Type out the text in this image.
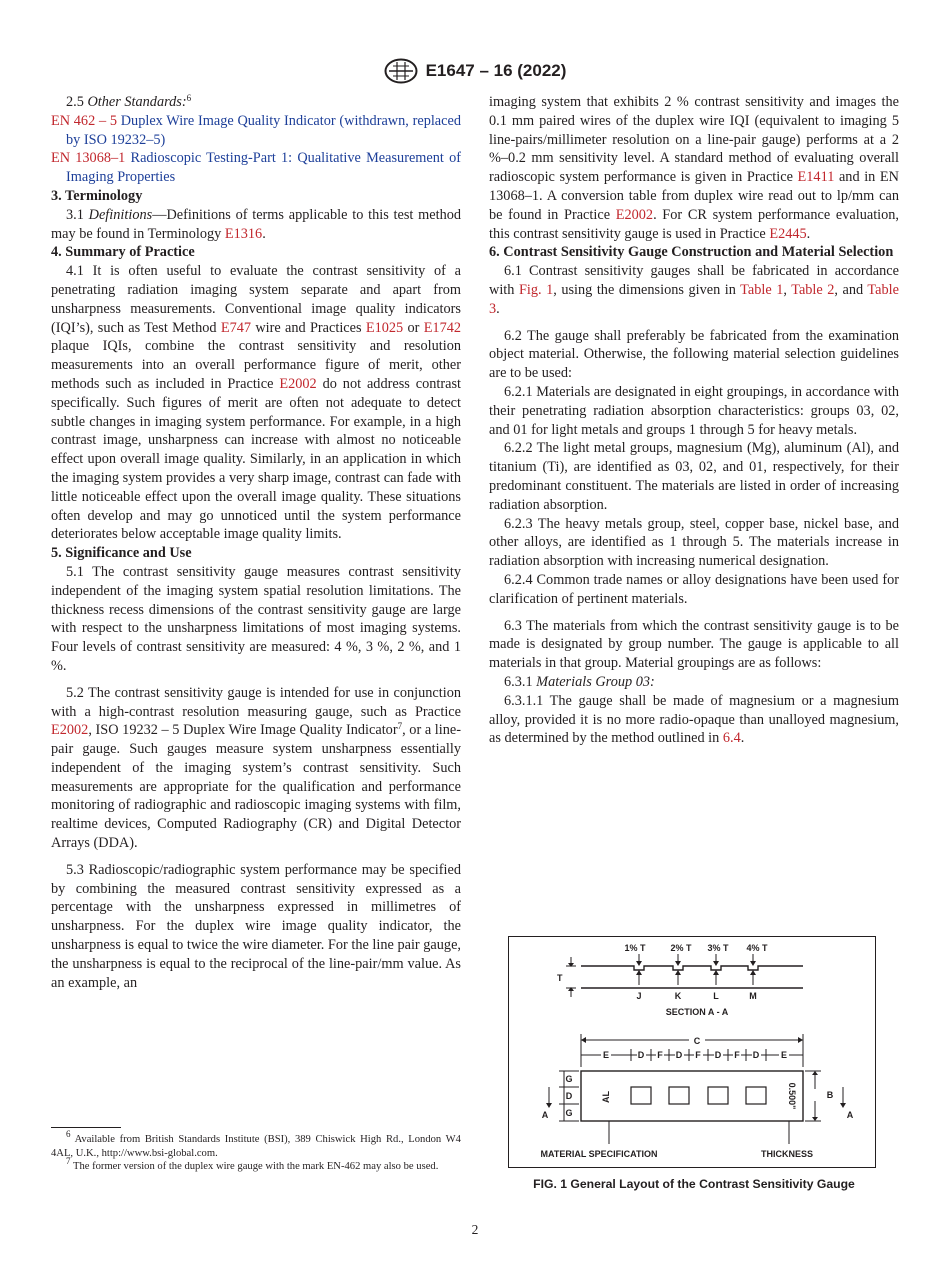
E1647 – 16 (2022)

2.5 Other Standards:$^6$

EN 462 – 5 Duplex Wire Image Quality Indicator (withdrawn, replaced by ISO 19232–5)

EN 13068–1 Radioscopic Testing-Part 1: Qualitative Measurement of Imaging Properties

3. Terminology

3.1 Definitions—Definitions of terms applicable to this test method may be found in Terminology E1316.

4. Summary of Practice

4.1 It is often useful to evaluate the contrast sensitivity of a penetrating radiation imaging system separate and apart from unsharpness measurements. Conventional image quality indicators (IQI’s), such as Test Method E747 wire and Practices E1025 or E1742 plaque IQIs, combine the contrast sensitivity and resolution measurements into an overall performance figure of merit, other methods such as included in Practice E2002 do not address contrast specifically. Such figures of merit are often not adequate to detect subtle changes in imaging system performance. For example, in a high contrast image, unsharpness can increase with almost no noticeable effect upon overall image quality. Similarly, in an application in which the imaging system provides a very sharp image, contrast can fade with little noticeable effect upon the overall image quality. These situations often develop and may go unnoticed until the system performance deteriorates below acceptable image quality limits.

5. Significance and Use

5.1 The contrast sensitivity gauge measures contrast sensitivity independent of the imaging system spatial resolution limitations. The thickness recess dimensions of the contrast sensitivity gauge are large with respect to the unsharpness limitations of most imaging systems. Four levels of contrast sensitivity are measured: 4 %, 3 %, 2 %, and 1 %.

5.2 The contrast sensitivity gauge is intended for use in conjunction with a high-contrast resolution measuring gauge, such as Practice E2002, ISO 19232 – 5 Duplex Wire Image Quality Indicator$^7$, or a line-pair gauge. Such gauges measure system unsharpness essentially independent of the imaging system’s contrast sensitivity. Such measurements are appropriate for the qualification and performance monitoring of radiographic and radioscopic imaging systems with film, realtime devices, Computed Radiography (CR) and Digital Detector Arrays (DDA).

5.3 Radioscopic/radiographic system performance may be specified by combining the measured contrast sensitivity expressed as a percentage with the unsharpness expressed in millimetres of unsharpness. For the duplex wire image quality indicator, the unsharpness is equal to twice the wire diameter. For the line pair gauge, the unsharpness is equal to the reciprocal of the line-pair/mm value. As an example, an

$^6$ Available from British Standards Institute (BSI), 389 Chiswick High Rd., London W4 4AL, U.K., http://www.bsi-global.com.

$^7$ The former version of the duplex wire gauge with the mark EN-462 may also be used.

imaging system that exhibits 2 % contrast sensitivity and images the 0.1 mm paired wires of the duplex wire IQI (equivalent to imaging 5 line-pairs/millimeter resolution on a line-pair gauge) performs at a 2 %–0.2 mm sensitivity level. A standard method of evaluating overall radioscopic system performance is given in Practice E1411 and in EN 13068–1. A conversion table from duplex wire read out to lp/mm can be found in Practice E2002. For CR system performance evaluation, this contrast sensitivity gauge is used in Practice E2445.

6. Contrast Sensitivity Gauge Construction and Material Selection

6.1 Contrast sensitivity gauges shall be fabricated in accordance with Fig. 1, using the dimensions given in Table 1, Table 2, and Table 3.

6.2 The gauge shall preferably be fabricated from the examination object material. Otherwise, the following material selection guidelines are to be used:

6.2.1 Materials are designated in eight groupings, in accordance with their penetrating radiation absorption characteristics: groups 03, 02, and 01 for light metals and groups 1 through 5 for heavy metals.

6.2.2 The light metal groups, magnesium (Mg), aluminum (Al), and titanium (Ti), are identified as 03, 02, and 01, respectively, for their predominant constituent. The materials are listed in order of increasing radiation absorption.

6.2.3 The heavy metals group, steel, copper base, nickel base, and other alloys, are identified as 1 through 5. The materials increase in radiation absorption with increasing numerical designation.

6.2.4 Common trade names or alloy designations have been used for clarification of pertinent materials.

6.3 The materials from which the contrast sensitivity gauge is to be made is designated by group number. The gauge is applicable to all materials in that group. Material groupings are as follows:

6.3.1 Materials Group 03:

6.3.1.1 The gauge shall be made of magnesium or a magnesium alloy, provided it is no more radio-opaque than unalloyed magnesium, as determined by the method outlined in 6.4.

1% T	2% T 3% T 4% T
T
J	K	L	M
SECTION A - A
C
E	D F D F D F D E
AL	0.500"
G
D
G
A
B
A
MATERIAL SPECIFICATION	THICKNESS
FIG. 1 General Layout of the Contrast Sensitivity Gauge
2
